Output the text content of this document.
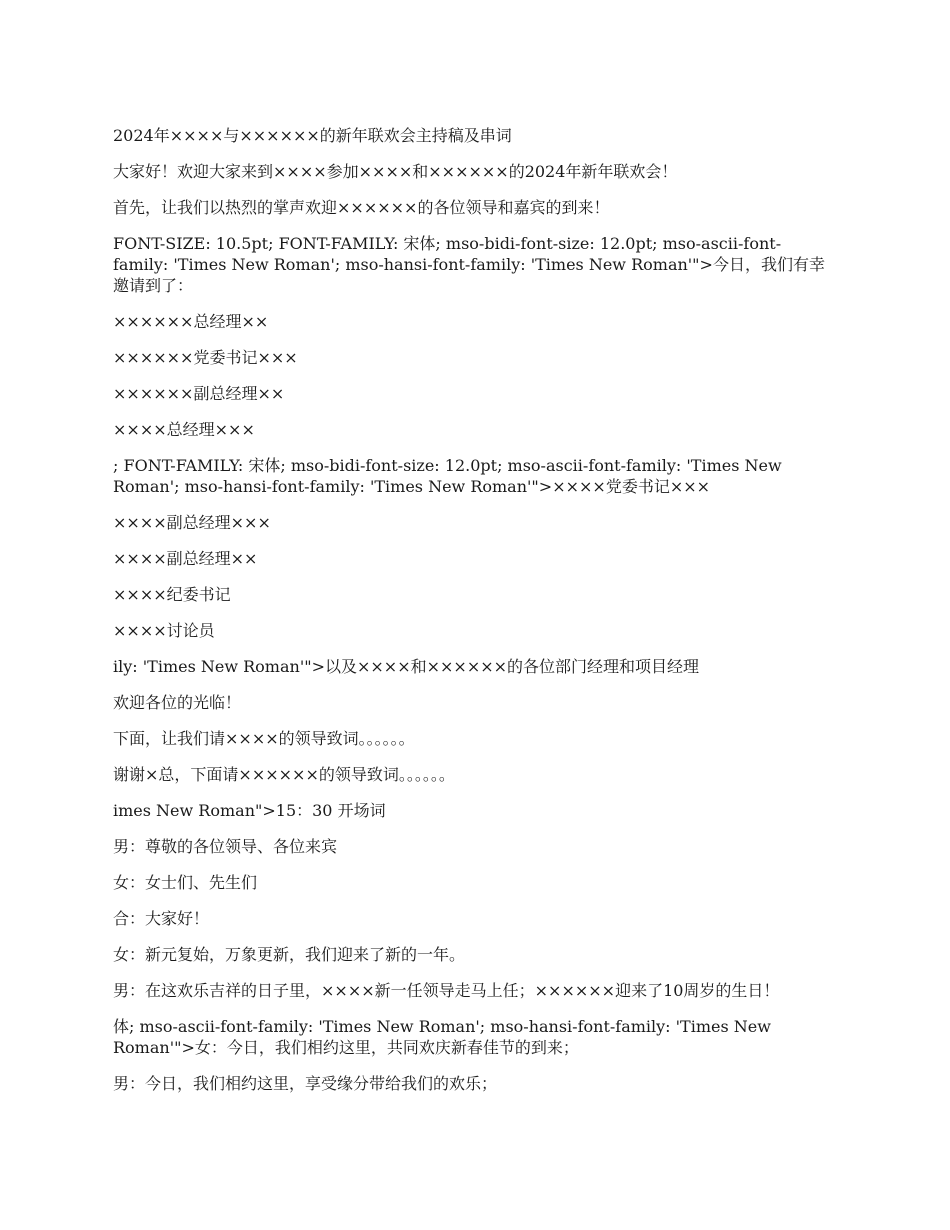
2024年××××与××××××的新年联欢会主持稿及串词

大家好！欢迎大家来到××××参加××××和××××××的2024年新年联欢会！

首先，让我们以热烈的掌声欢迎××××××的各位领导和嘉宾的到来！

FONT-SIZE: 10.5pt; FONT-FAMILY: 宋体; mso-bidi-font-size: 12.0pt; mso-ascii-font-family: 'Times New Roman'; mso-hansi-font-family: 'Times New Roman'">今日，我们有幸邀请到了：

××××××总经理××

××××××党委书记×××

××××××副总经理××

××××总经理×××

; FONT-FAMILY: 宋体; mso-bidi-font-size: 12.0pt; mso-ascii-font-family: 'Times New Roman'; mso-hansi-font-family: 'Times New Roman'">××××党委书记×××

××××副总经理×××

××××副总经理××

××××纪委书记

××××讨论员

ily: 'Times New Roman'">以及××××和××××××的各位部门经理和项目经理

欢迎各位的光临！

下面，让我们请××××的领导致词。。。。。。

谢谢×总，下面请××××××的领导致词。。。。。。

imes New Roman">15：30 开场词

男：尊敬的各位领导、各位来宾

女：女士们、先生们

合：大家好！

女：新元复始，万象更新，我们迎来了新的一年。

男：在这欢乐吉祥的日子里，××××新一任领导走马上任；××××××迎来了10周岁的生日！

体; mso-ascii-font-family: 'Times New Roman'; mso-hansi-font-family: 'Times New Roman'">女：今日，我们相约这里，共同欢庆新春佳节的到来；

男：今日，我们相约这里，享受缘分带给我们的欢乐；
